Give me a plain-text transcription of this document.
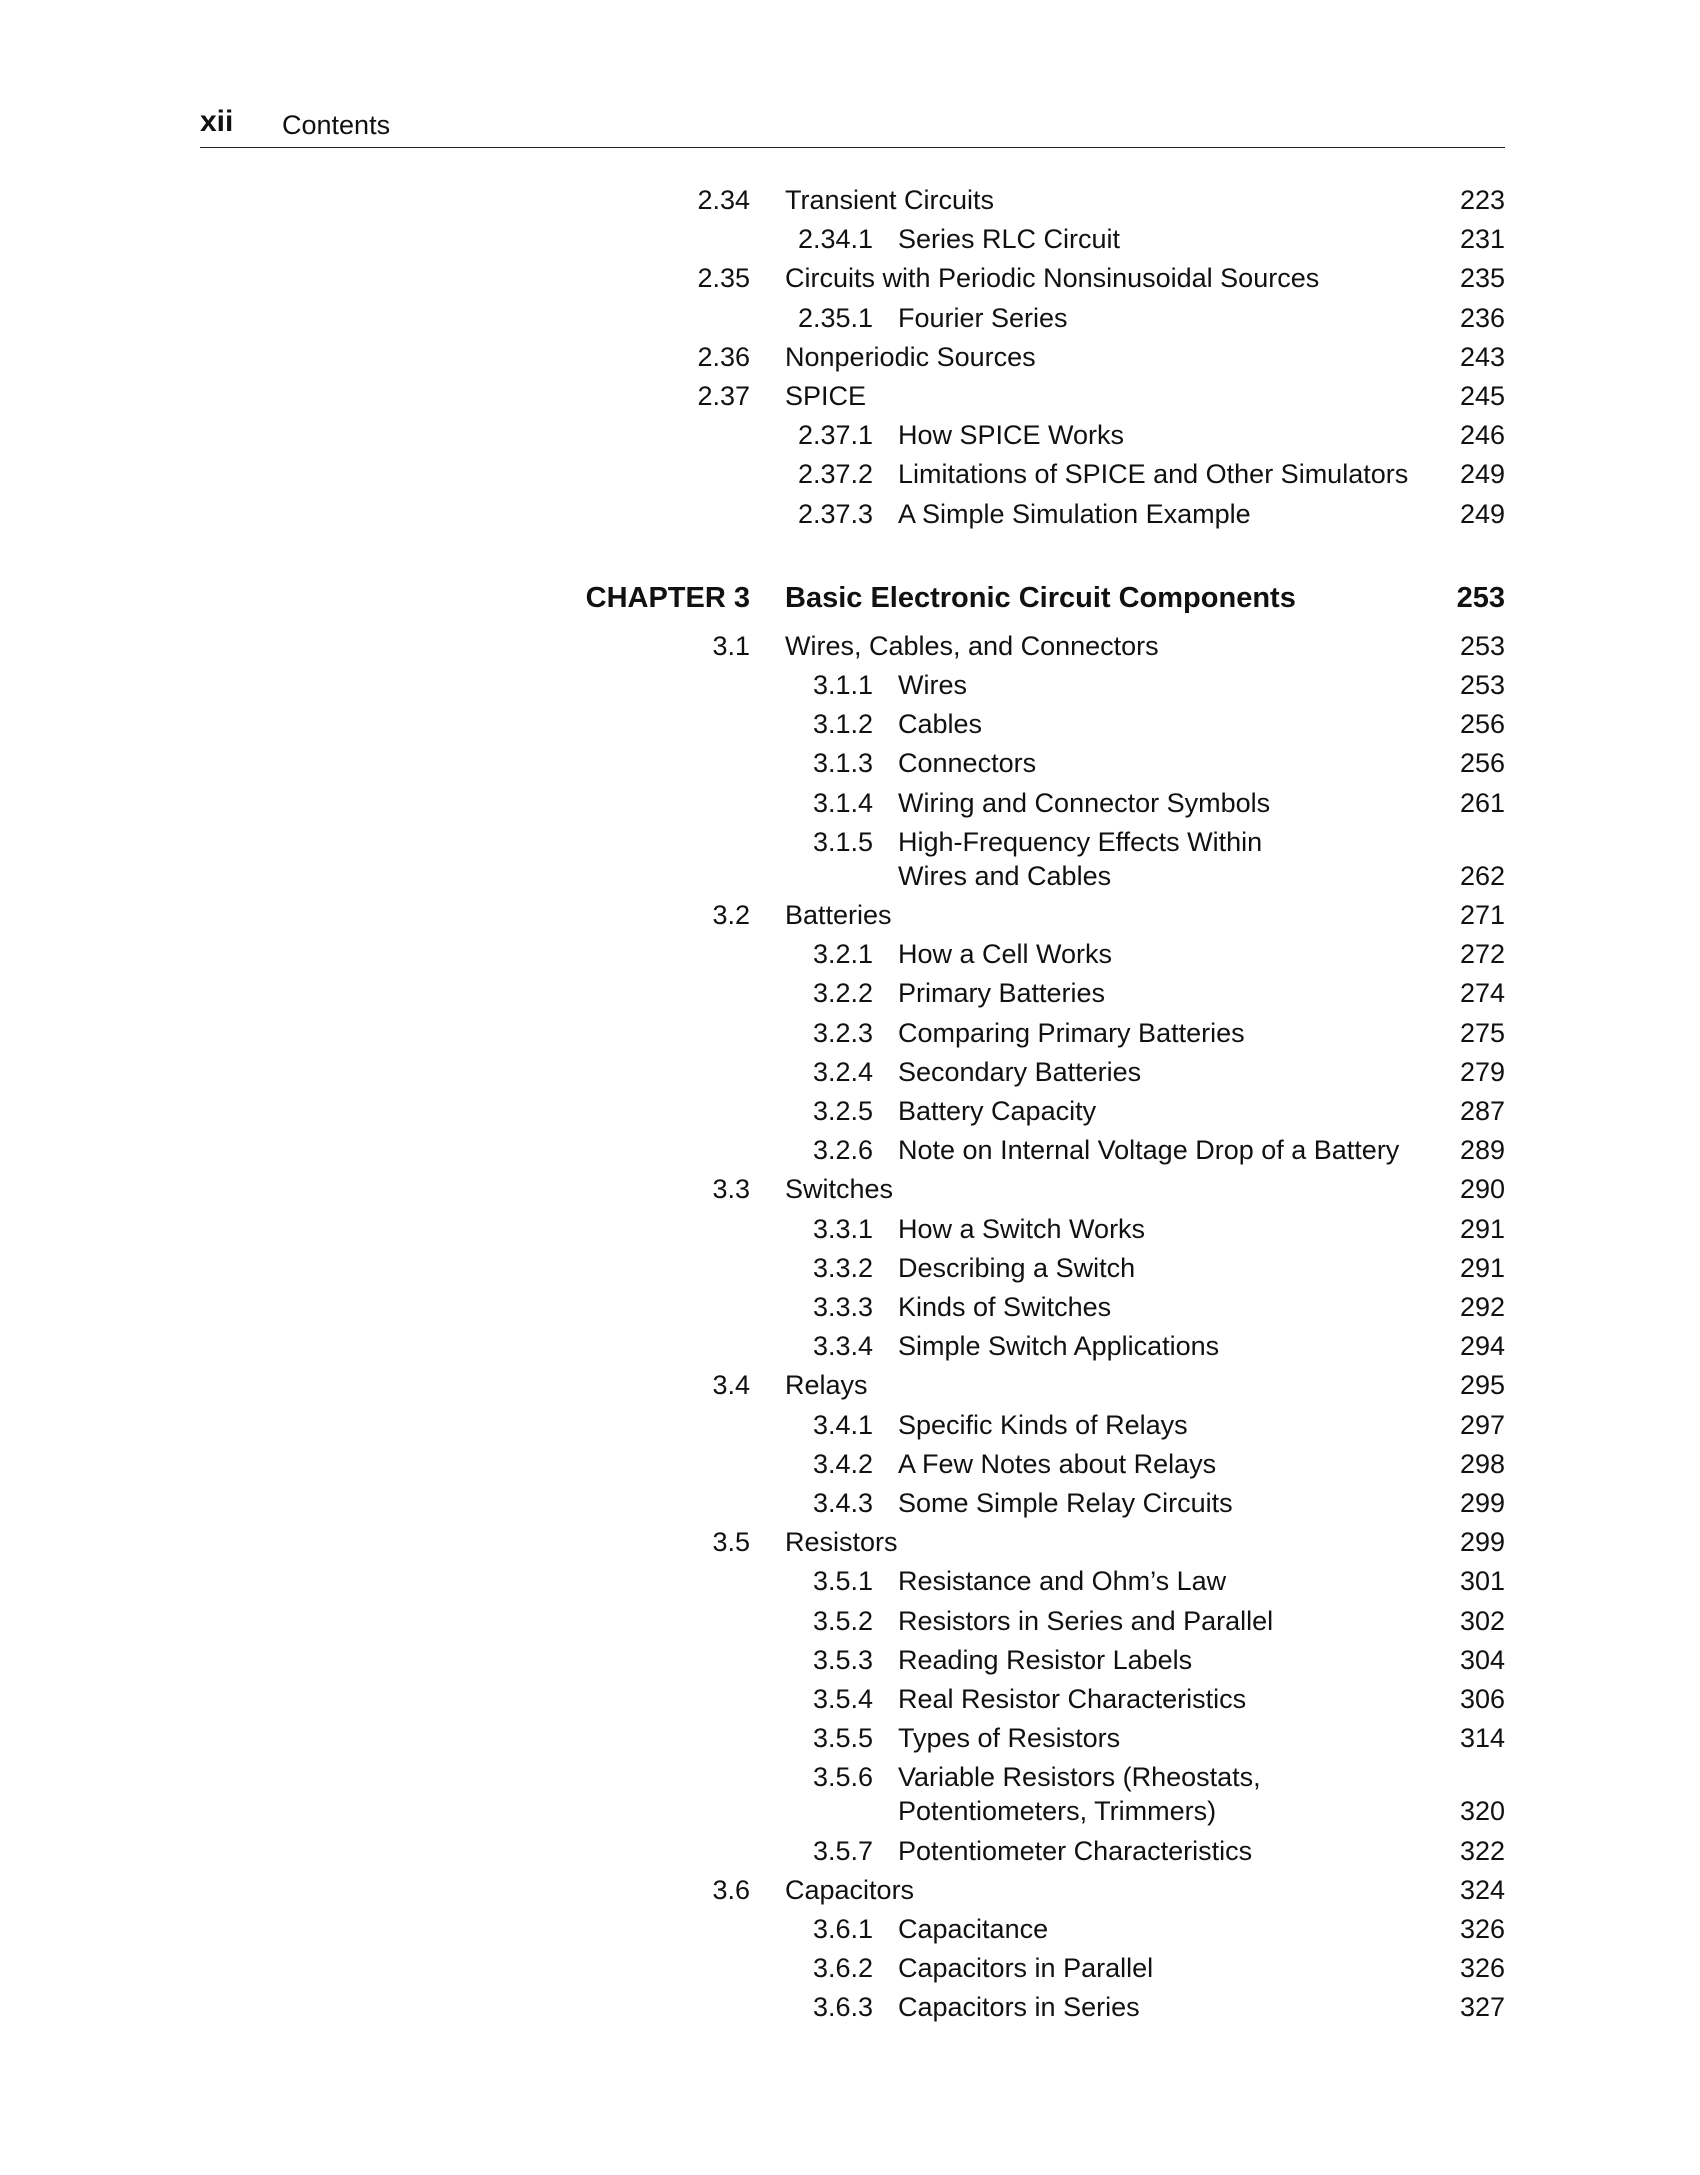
xii Contents
2.34 Transient Circuits	223
2.34.1 Series RLC Circuit	231
2.35 Circuits with Periodic Nonsinusoidal Sources	235
2.35.1 Fourier Series	236
2.36 Nonperiodic Sources	243
2.37 SPICE	245
2.37.1 How SPICE Works	246
2.37.2 Limitations of SPICE and Other Simulators 249
2.37.3 A Simple Simulation Example	249
CHAPTER 3 Basic Electronic Circuit Components	253
3.1 Wires, Cables, and Connectors	253
3.1.1 Wires	253
3.1.2 Cables	256
3.1.3 Connectors	256
3.1.4 Wiring and Connector Symbols	261
3.1.5 High-Frequency Effects Within
Wires and Cables	262
3.2 Batteries	271
3.2.1 How a Cell Works	272
3.2.2 Primary Batteries	274
3.2.3 Comparing Primary Batteries	275
3.2.4 Secondary Batteries	279
3.2.5 Battery Capacity	287
3.2.6 Note on Internal Voltage Drop of a Battery 289
3.3 Switches	290
3.3.1 How a Switch Works	291
3.3.2 Describing a Switch	291
3.3.3 Kinds of Switches	292
3.3.4 Simple Switch Applications	294
3.4 Relays	295
3.4.1 Specific Kinds of Relays	297
3.4.2 A Few Notes about Relays	298
3.4.3 Some Simple Relay Circuits	299
3.5 Resistors	299
3.5.1 Resistance and Ohm’s Law	301
3.5.2 Resistors in Series and Parallel	302
3.5.3 Reading Resistor Labels	304
3.5.4 Real Resistor Characteristics	306
3.5.5 Types of Resistors	314
3.5.6 Variable Resistors (Rheostats,
Potentiometers, Trimmers)	320
3.5.7 Potentiometer Characteristics	322
3.6 Capacitors	324
3.6.1 Capacitance	326
3.6.2 Capacitors in Parallel	326
3.6.3 Capacitors in Series	327
